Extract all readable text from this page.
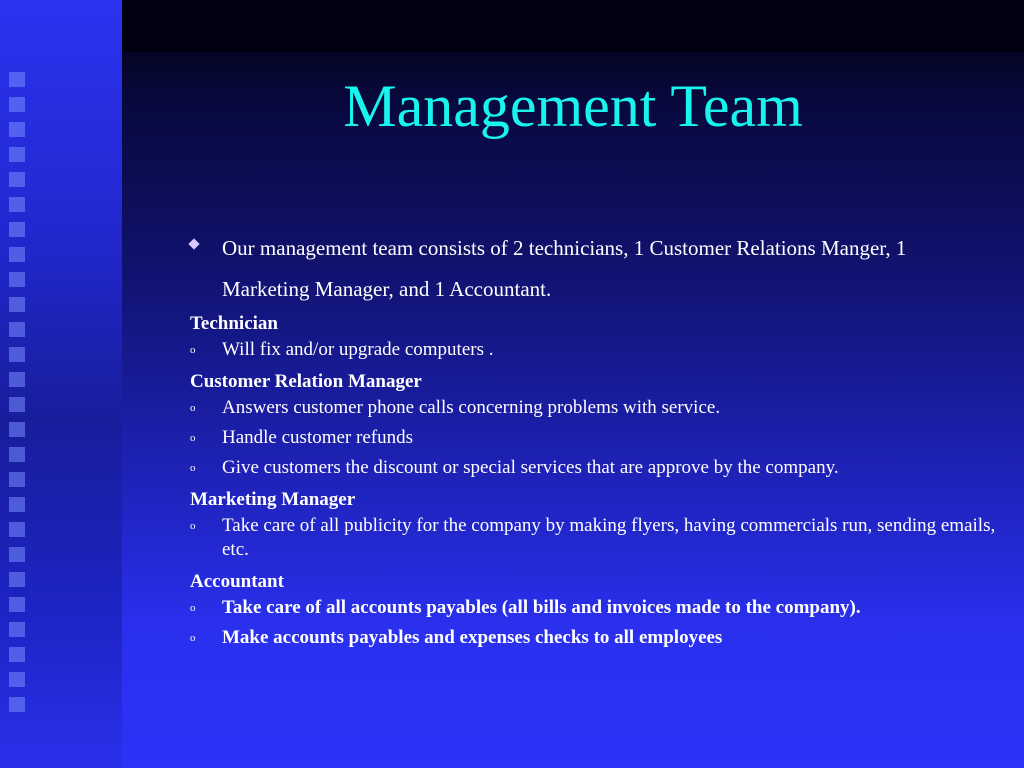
Management Team
Our management team consists of 2 technicians, 1 Customer Relations Manger, 1 Marketing Manager, and 1 Accountant.
Technician
o Will fix and/or upgrade computers .
Customer Relation Manager
o Answers customer phone calls concerning problems with service.
o Handle customer refunds
o Give customers the discount or special services that are approve by the company.
Marketing Manager
o Take care of all publicity for the company by making flyers, having commercials run, sending emails, etc.
Accountant
o Take care of all accounts payables (all bills and invoices made to the company).
o Make accounts payables and expenses checks to all employees
